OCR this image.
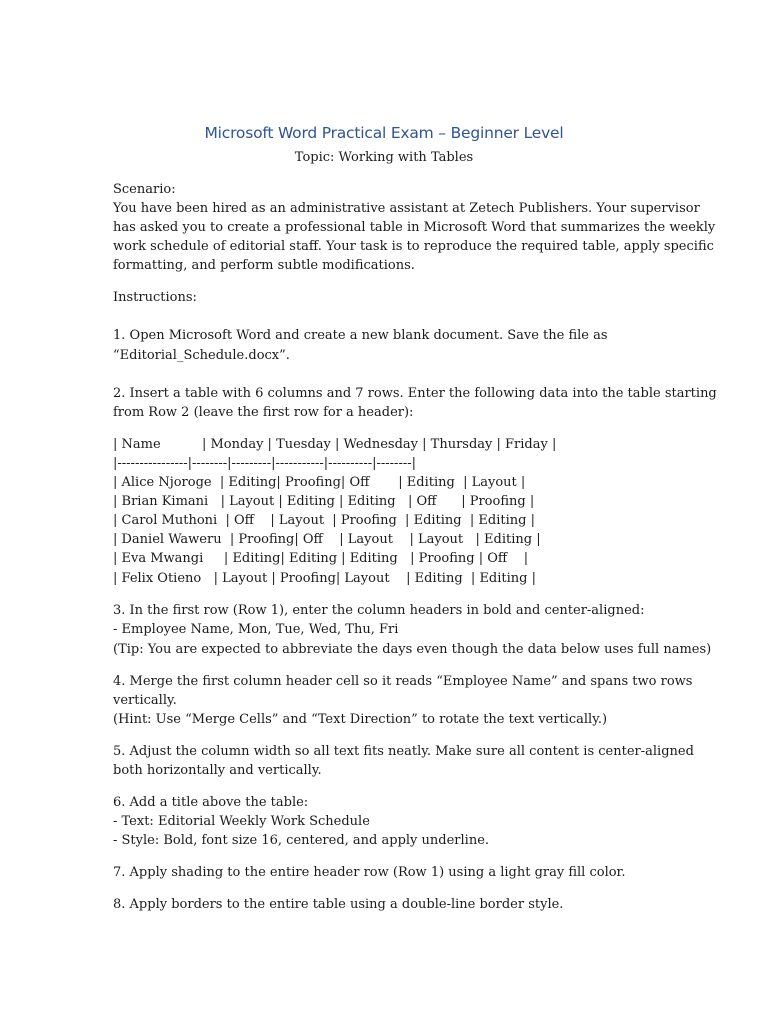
Microsoft Word Practical Exam – Beginner Level
Topic: Working with Tables
Scenario:
You have been hired as an administrative assistant at Zetech Publishers. Your supervisor
has asked you to create a professional table in Microsoft Word that summarizes the weekly
work schedule of editorial staff. Your task is to reproduce the required table, apply specific
formatting, and perform subtle modifications.
Instructions:
1. Open Microsoft Word and create a new blank document. Save the file as
“Editorial_Schedule.docx”.
2. Insert a table with 6 columns and 7 rows. Enter the following data into the table starting
from Row 2 (leave the first row for a header):
| Name          | Monday | Tuesday | Wednesday | Thursday | Friday |
|----------------|--------|---------|-----------|----------|--------|
| Alice Njoroge  | Editing| Proofing| Off       | Editing  | Layout |
| Brian Kimani   | Layout | Editing | Editing   | Off      | Proofing |
| Carol Muthoni  | Off    | Layout  | Proofing  | Editing  | Editing |
| Daniel Waweru  | Proofing| Off    | Layout    | Layout   | Editing |
| Eva Mwangi     | Editing| Editing | Editing   | Proofing | Off    |
| Felix Otieno   | Layout | Proofing| Layout    | Editing  | Editing |
3. In the first row (Row 1), enter the column headers in bold and center-aligned:
- Employee Name, Mon, Tue, Wed, Thu, Fri
(Tip: You are expected to abbreviate the days even though the data below uses full names)
4. Merge the first column header cell so it reads “Employee Name” and spans two rows
vertically.
(Hint: Use “Merge Cells” and “Text Direction” to rotate the text vertically.)
5. Adjust the column width so all text fits neatly. Make sure all content is center-aligned
both horizontally and vertically.
6. Add a title above the table:
- Text: Editorial Weekly Work Schedule
- Style: Bold, font size 16, centered, and apply underline.
7. Apply shading to the entire header row (Row 1) using a light gray fill color.
8. Apply borders to the entire table using a double-line border style.
